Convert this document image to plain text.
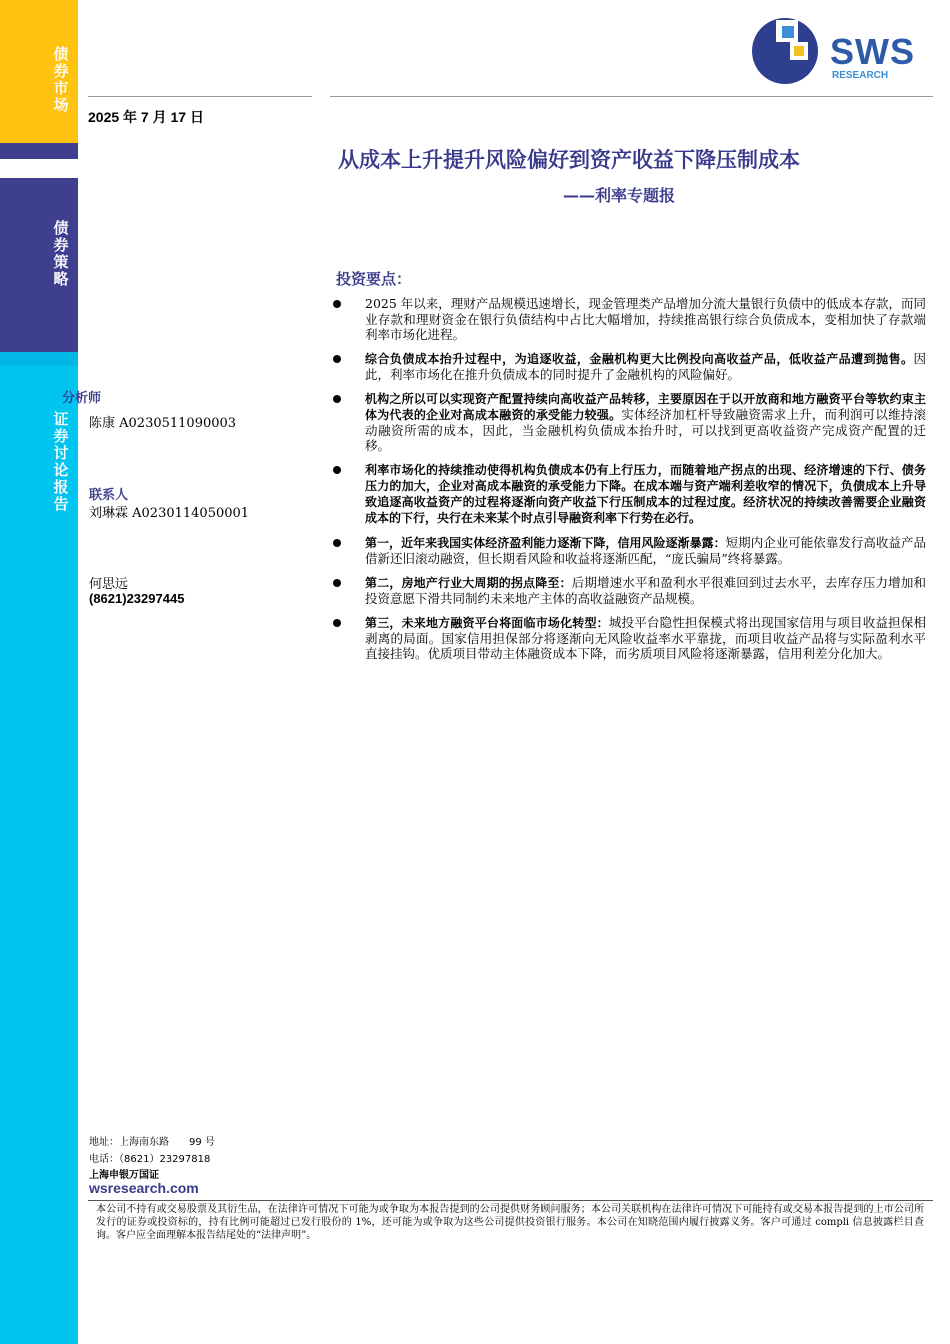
债券市场
债券策略
证券讨论报告
2025 年 7 月 17 日
SWS
RESEARCH
从成本上升提升风险偏好到资产收益下降压制成本
——利率专题报
投资要点：
2025 年以来，理财产品规模迅速增长，现金管理类产品增加分流大量银行负债中的低成本存款，而同业存款和理财资金在银行负债结构中占比大幅增加，持续推高银行综合负债成本，变相加快了存款端利率市场化进程。
综合负债成本抬升过程中，为追逐收益，金融机构更大比例投向高收益产品，低收益产品遭到抛售。因此，利率市场化在推升负债成本的同时提升了金融机构的风险偏好。
机构之所以可以实现资产配置持续向高收益产品转移，主要原因在于以开放商和地方融资平台等软约束主体为代表的企业对高成本融资的承受能力较强。实体经济加杠杆导致融资需求上升，而利润可以维持滚动融资所需的成本，因此，当金融机构负债成本抬升时，可以找到更高收益资产完成资产配置的迁移。
利率市场化的持续推动使得机构负债成本仍有上行压力，而随着地产拐点的出现、经济增速的下行、债务压力的加大，企业对高成本融资的承受能力下降。在成本端与资产端利差收窄的情况下，负债成本上升导致追逐高收益资产的过程将逐渐向资产收益下行压制成本的过程过度。经济状况的持续改善需要企业融资成本的下行，央行在未来某个时点引导融资利率下行势在必行。
第一，近年来我国实体经济盈利能力逐渐下降，信用风险逐渐暴露：短期内企业可能依靠发行高收益产品借新还旧滚动融资，但长期看风险和收益将逐渐匹配，“庞氏骗局”终将暴露。
第二，房地产行业大周期的拐点降至：后期增速水平和盈利水平很难回到过去水平，去库存压力增加和投资意愿下滑共同制约未来地产主体的高收益融资产品规模。
第三，未来地方融资平台将面临市场化转型：城投平台隐性担保模式将出现国家信用与项目收益担保相剥离的局面。国家信用担保部分将逐渐向无风险收益率水平靠拢，而项目收益产品将与实际盈利水平直接挂钩。优质项目带动主体融资成本下降，而劣质项目风险将逐渐暴露，信用利差分化加大。
分析师
陈康 A0230511090003
联系人
刘琳霖 A0230114050001
何思远
(8621)23297445
地址：上海南东路　　99 号
电话：（8621）23297818
上海申银万国证
wsresearch.com
本公司不持有或交易股票及其衍生品，在法律许可情况下可能为或争取为本报告提到的公司提供财务顾问服务；本公司关联机构在法律许可情况下可能持有或交易本报告提到的上市公司所发行的证券或投资标的，持有比例可能超过已发行股份的 1%，还可能为或争取为这些公司提供投资银行服务。本公司在知晓范围内履行披露义务。客户可通过 compli 信息披露栏目查询。客户应全面理解本报告结尾处的“法律声明”。
